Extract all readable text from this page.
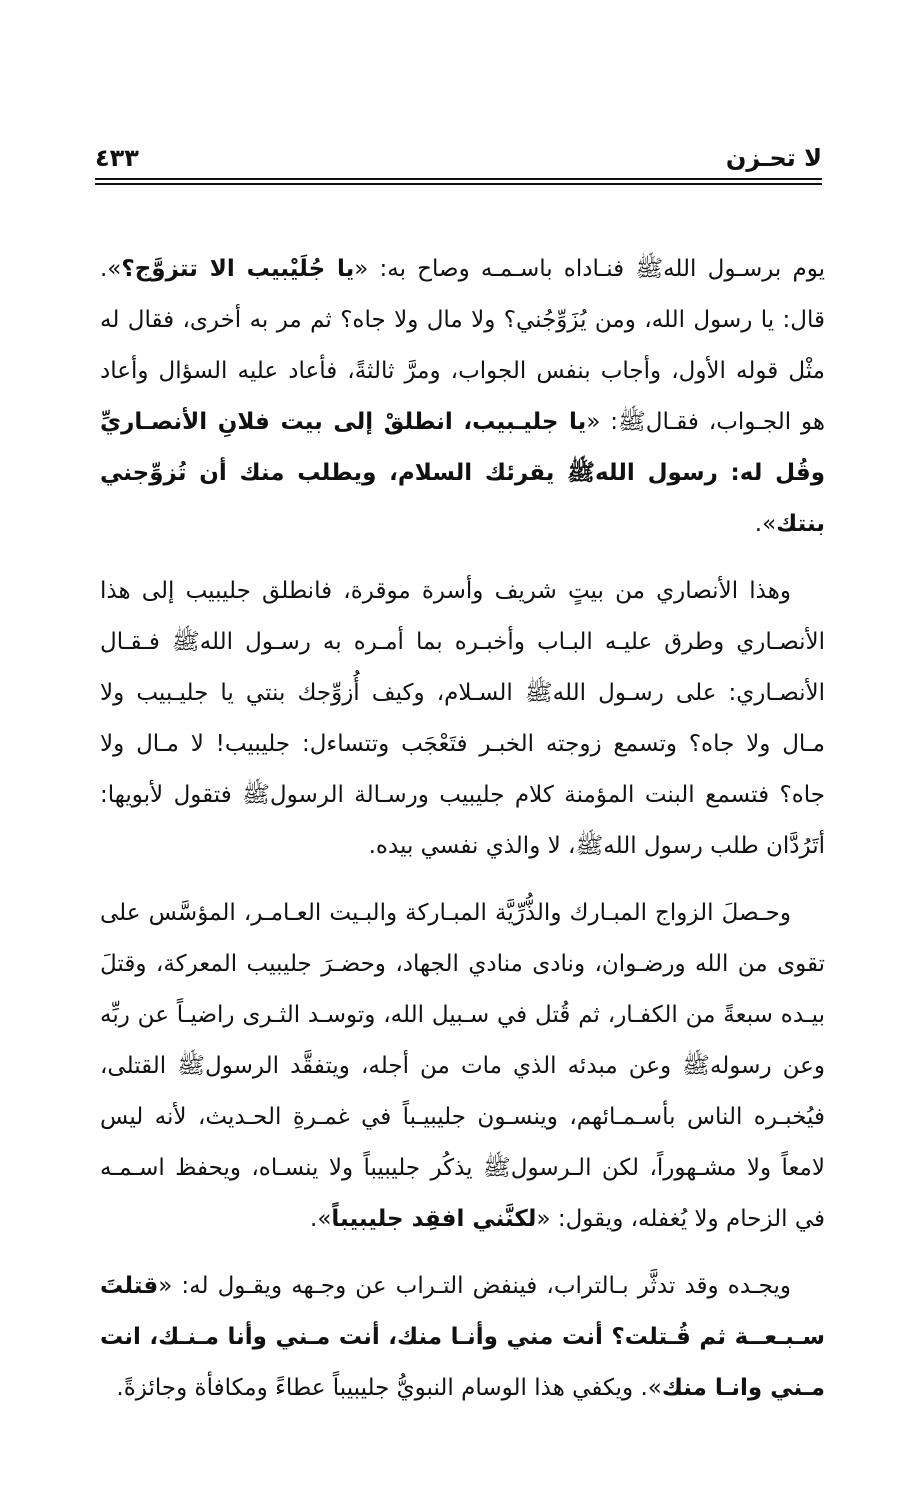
لا تحـزن
٤٣٣

يوم برسـول اللهﷺ فنـاداه باسـمـه وصاح به: «يا جُلَيْبيب الا تتزوَّج؟». قال: يا رسول الله، ومن يُزَوِّجُني؟ ولا مال ولا جاه؟ ثم مر به أخرى، فقال له مثْل قوله الأول، وأجاب بنفس الجواب، ومرَّ ثالثةً، فأعاد عليه السؤال وأعاد هو الجـواب، فقـالﷺ: «يا جليـبيب، انطلقْ إلى بيت فلانِ الأنصـاريِّ وقُل له: رسول اللهﷺ يقرئك السلام، ويطلب منك أن تُزوِّجني بنتك».

وهذا الأنصاري من بيتٍ شريف وأسرة موقرة، فانطلق جليبيب إلى هذا الأنصـاري وطرق عليـه البـاب وأخبـره بما أمـره به رسـول اللهﷺ فـقـال الأنصـاري: على رسـول اللهﷺ السـلام، وكيف أُزوِّجك بنتي يا جليـبيب ولا مـال ولا جاه؟ وتسمع زوجته الخبـر فتَعْجَب وتتساءل: جليبيب! لا مـال ولا جاه؟ فتسمع البنت المؤمنة كلام جليبيب ورسـالة الرسولﷺ فتقول لأبويها: أتَرُدَّان طلب رسول اللهﷺ، لا والذي نفسي بيده.

وحـصلَ الزواج المبـارك والذُّرِّيَّة المبـاركة والبـيت العـامـر، المؤسَّس على تقوى من الله ورضـوان، ونادى منادي الجهاد، وحضـرَ جليبيب المعركة، وقتلَ بيـده سبعةً من الكفـار، ثم قُتل في سـبيل الله، وتوسـد الثـرى راضيـاً عن ربِّه وعن رسولهﷺ وعن مبدئه الذي مات من أجله، ويتفقَّد الرسولﷺ القتلى، فيُخبـره الناس بأسـمـائهم، وينسـون جليبيـباً في غمـرةِ الحـديث، لأنه ليس لامعاً ولا مشـهوراً، لكن الـرسولﷺ يذكُر جليبيباً ولا ينسـاه، ويحفظ اسـمـه في الزحام ولا يُغفله، ويقول: «لكنَّني افقِد جليبيباً».

ويجـده وقد تدثَّر بـالتراب، فينفض التـراب عن وجـهه ويقـول له: «قتلتَ سـبـعــة ثم قُـتلت؟ أنت مني وأنـا منك، أنت مـني وأنا مـنـك، انت مـني وانـا منك». ويكفي هذا الوسام النبويُّ جليبيباً عطاءً ومكافأة وجائزةً.
